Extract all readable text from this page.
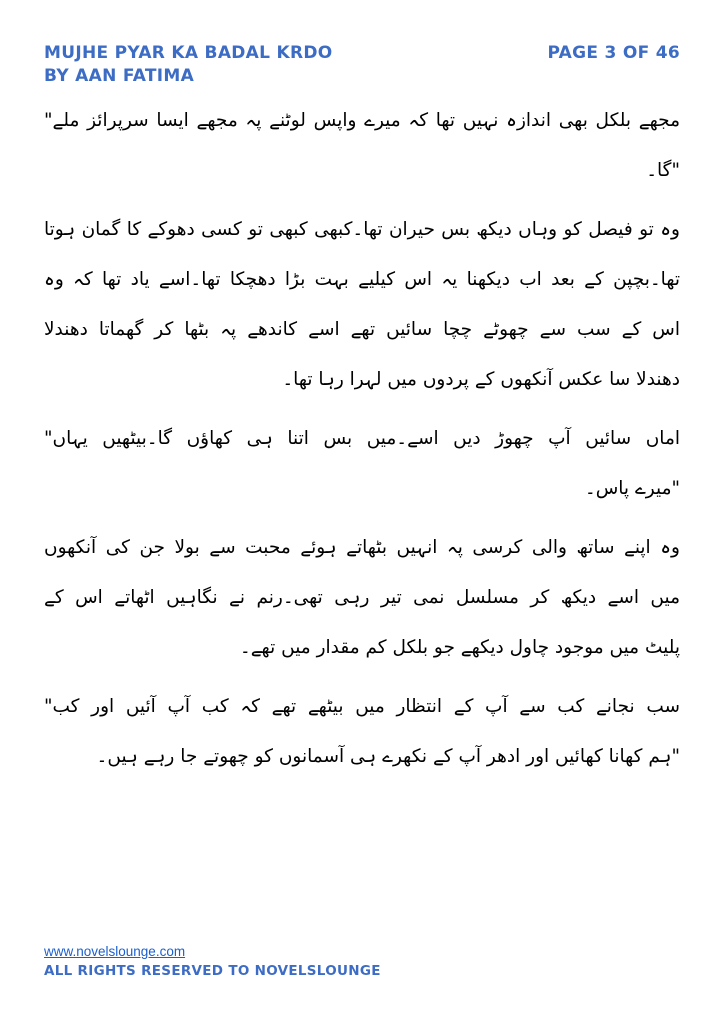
MUJHE PYAR KA BADAL KRDO
BY AAN FATIMA
PAGE 3 OF 46
مجھے بلکل بھی اندازہ نہیں تھا کہ میرے واپس لوٹنے پہ مجھے ایسا سرپرائز ملے"
"گا۔
وہ تو فیصل کو وہاں دیکھ بس حیران تھا۔کبھی کبھی تو کسی دھوکے کا گمان ہوتا
تھا۔بچپن کے بعد اب دیکھنا یہ اس کیلیے بہت بڑا دھچکا تھا۔اسے یاد تھا کہ وہ
اس کے سب سے چھوٹے چچا سائیں تھے اسے کاندھے پہ بٹھا کر گھماتا دھندلا
دھندلا سا عکس آنکھوں کے پردوں میں لہرا رہا تھا۔
اماں سائیں آپ چھوڑ دیں اسے۔میں بس اتنا ہی کھاؤں گا۔بیٹھیں یہاں"
"میرے پاس۔
وہ اپنے ساتھ والی کرسی پہ انہیں بٹھاتے ہوئے محبت سے بولا جن کی آنکھوں
میں اسے دیکھ کر مسلسل نمی تیر رہی تھی۔رنم نے نگاہیں اٹھاتے اس کے
پلیٹ میں موجود چاول دیکھے جو بلکل کم مقدار میں تھے۔
سب نجانے کب سے آپ کے انتظار میں بیٹھے تھے کہ کب آپ آئیں اور کب"
"ہم کھانا کھائیں اور ادھر آپ کے نکھرے ہی آسمانوں کو چھوتے جا رہے ہیں۔
www.novelslounge.com
ALL RIGHTS RESERVED TO NOVELSLOUNGE
